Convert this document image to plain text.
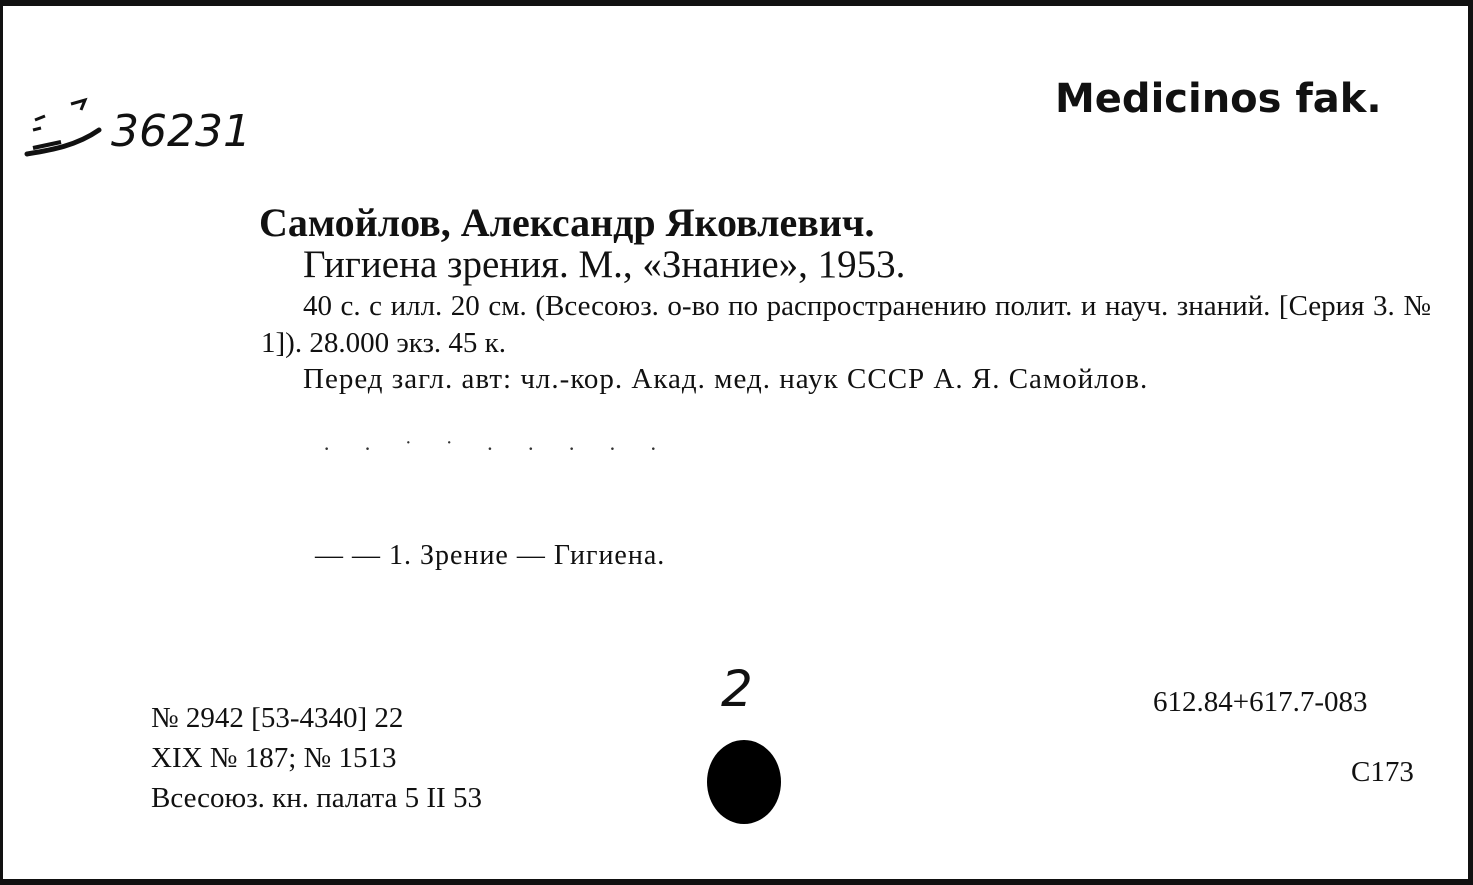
36231
Medicinos fak.
Самойлов, Александр Яковлевич.
Гигиена зрения. М., «Знание», 1953.
40 с. с илл. 20 см. (Всесоюз. о-во по распространению полит. и науч. знаний. [Серия 3. № 1]). 28.000 экз. 45 к.
Перед загл. авт: чл.-кор. Акад. мед. наук СССР А. Я. Самойлов.
· · ˙ ˙ · · · · ·
— — 1. Зрение — Гигиена.
№ 2942 [53-4340] 22
XIX № 187; № 1513
Всесоюз. кн. палата 5 II 53
2	612.84+617.7-083
С173
